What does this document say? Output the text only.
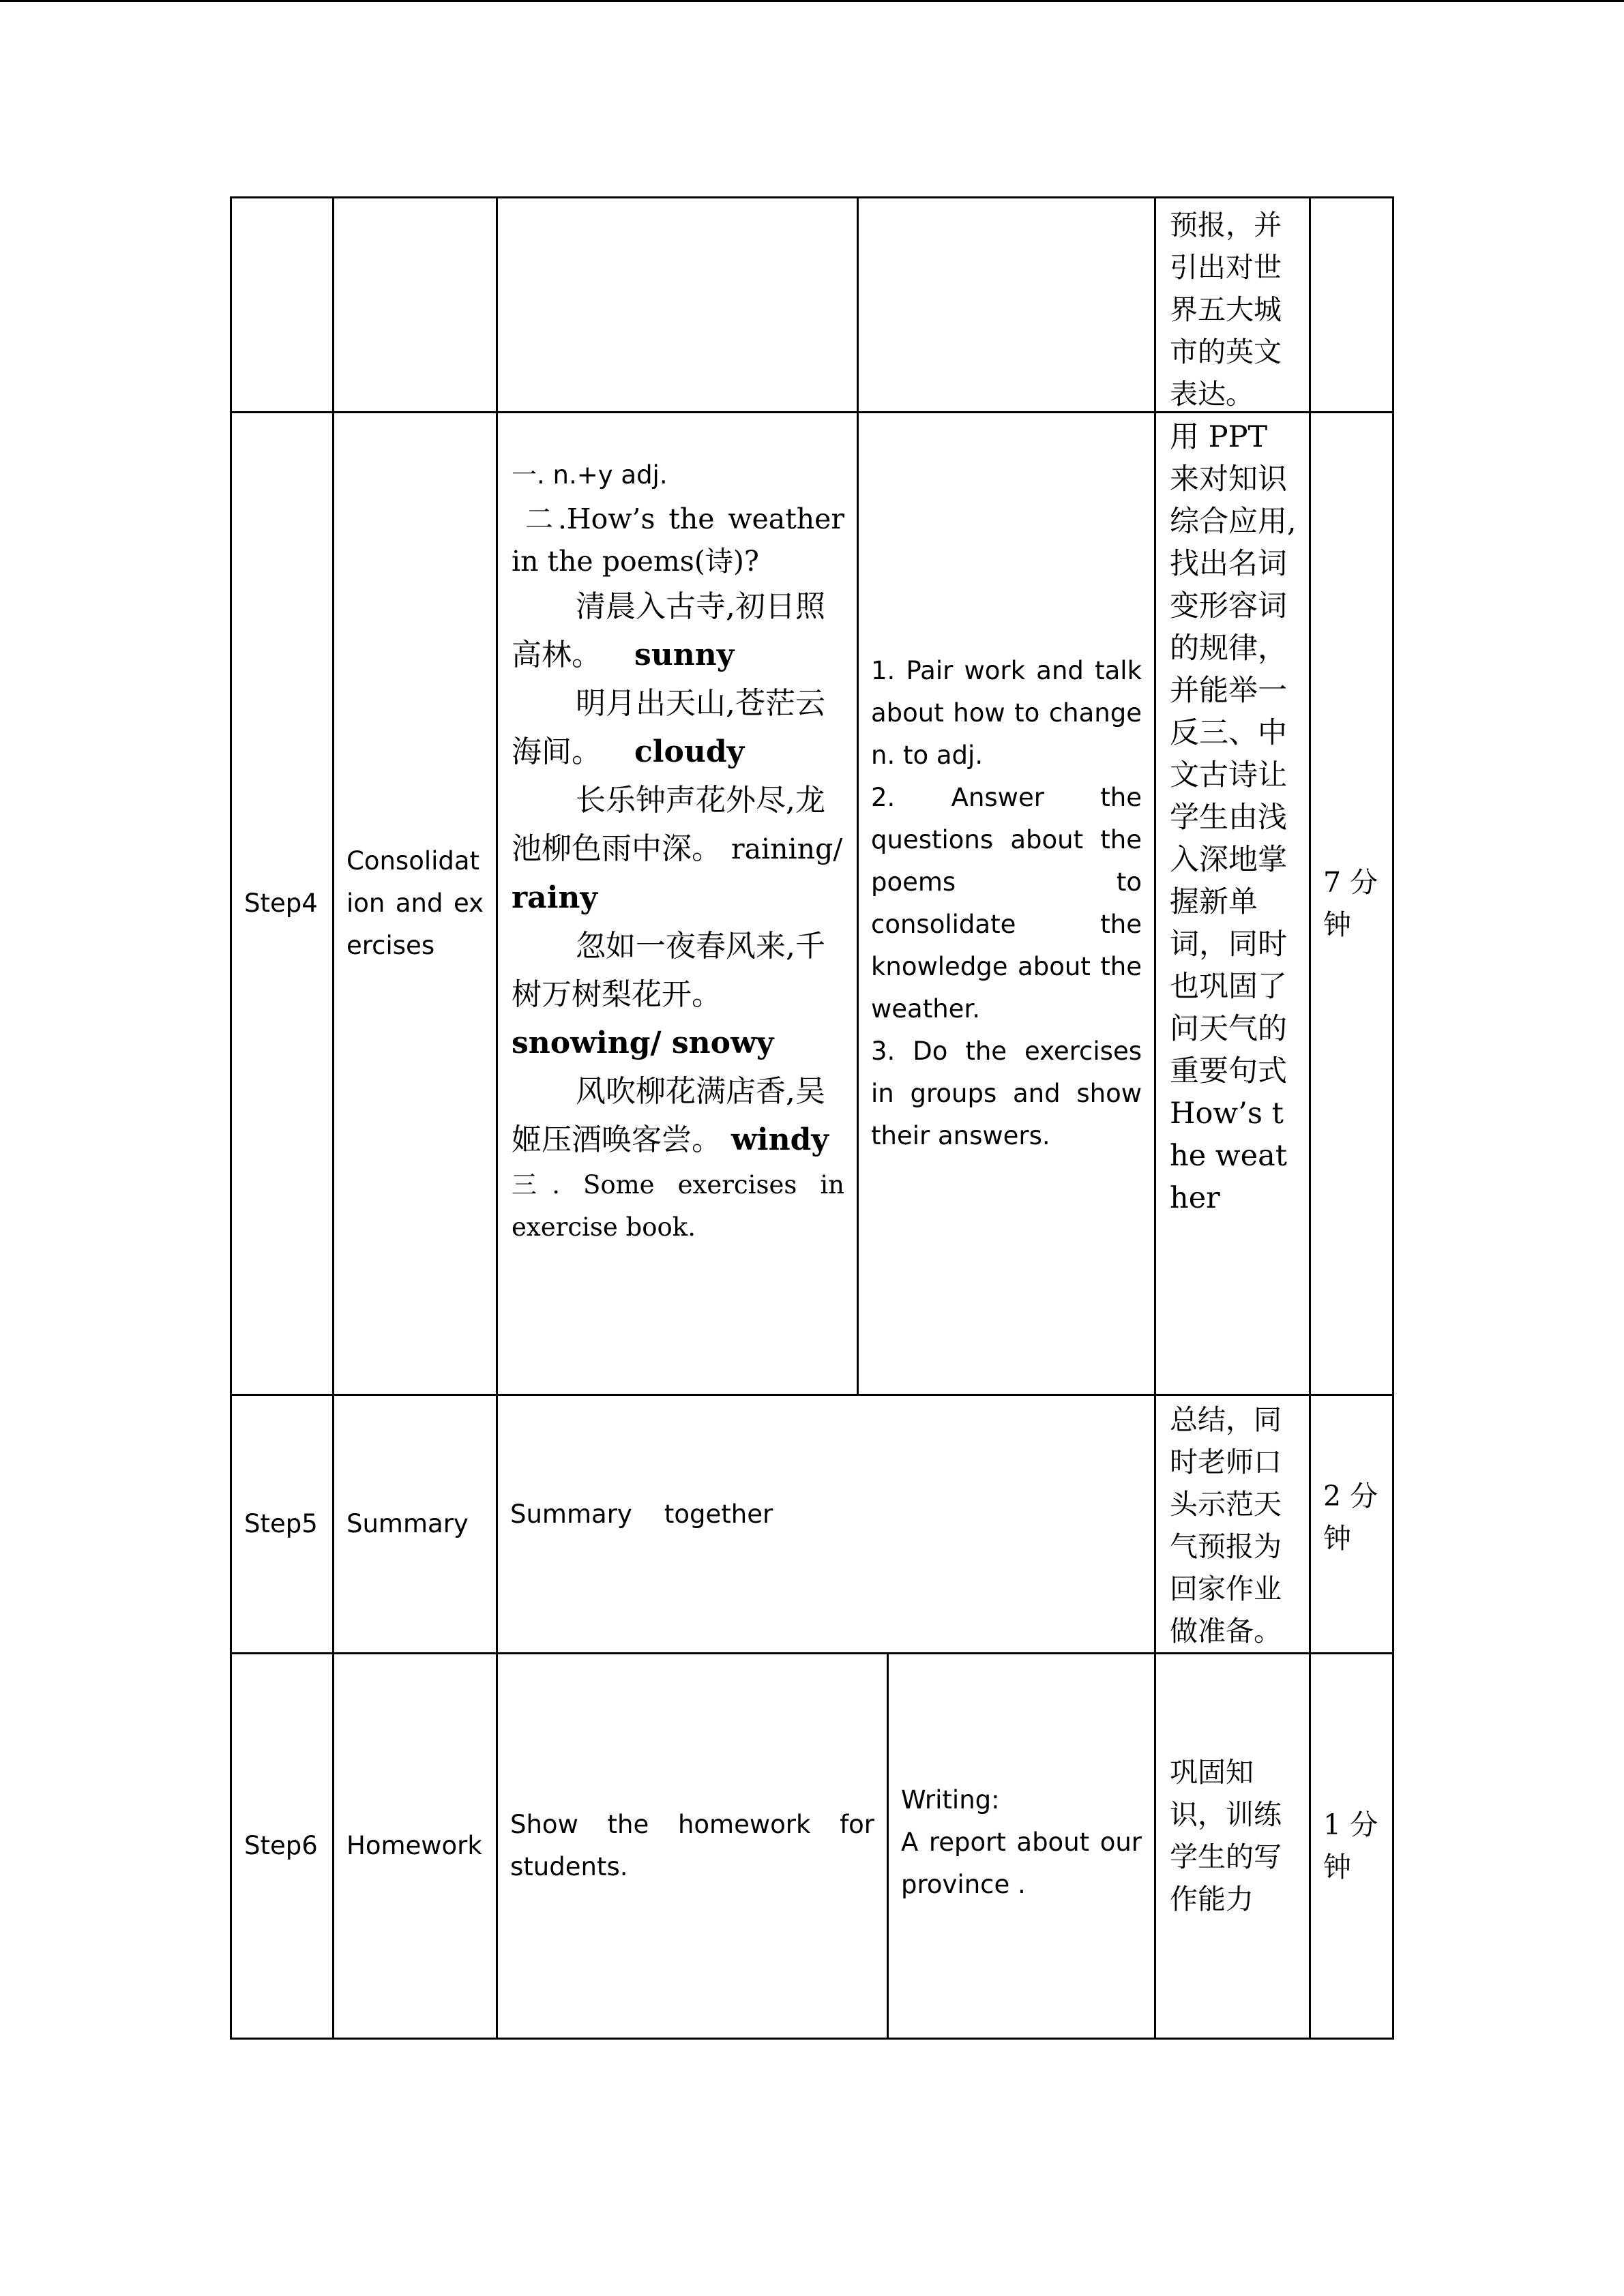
预报，并引出对世界五大城市的英文表达。
Step4
Consolidation and exercises

一. n.+y adj.

二.How’s the weather in the poems(诗)?

清晨入古寺,初日照高林。 sunny
明月出天山,苍茫云海间。 cloudy
长乐钟声花外尽,龙池柳色雨中深。 raining/ rainy
忽如一夜春风来,千树万树梨花开。 snowing/ snowy
风吹柳花满店香,吴姬压酒唤客尝。 windy

三. Some exercises in exercise book.

1. Pair work and talk about how to change n. to adj.

2. Answer the questions about the poems to consolidate the knowledge about the weather.

3. Do the exercises in groups and show their answers.

用 PPT 来对知识综合应用,找出名词变形容词的规律，并能举一反三、中文古诗让学生由浅入深地掌握新单词，同时也巩固了问天气的重要句式How’s the weather
7 分钟
Step5 Summary	Summary    together
总结，同时老师口头示范天气预报为回家作业做准备。
2 分钟
Step6 Homework
Show the homework for students.

Writing:

A report about our province .

巩固知识，训练学生的写作能力
1 分钟
